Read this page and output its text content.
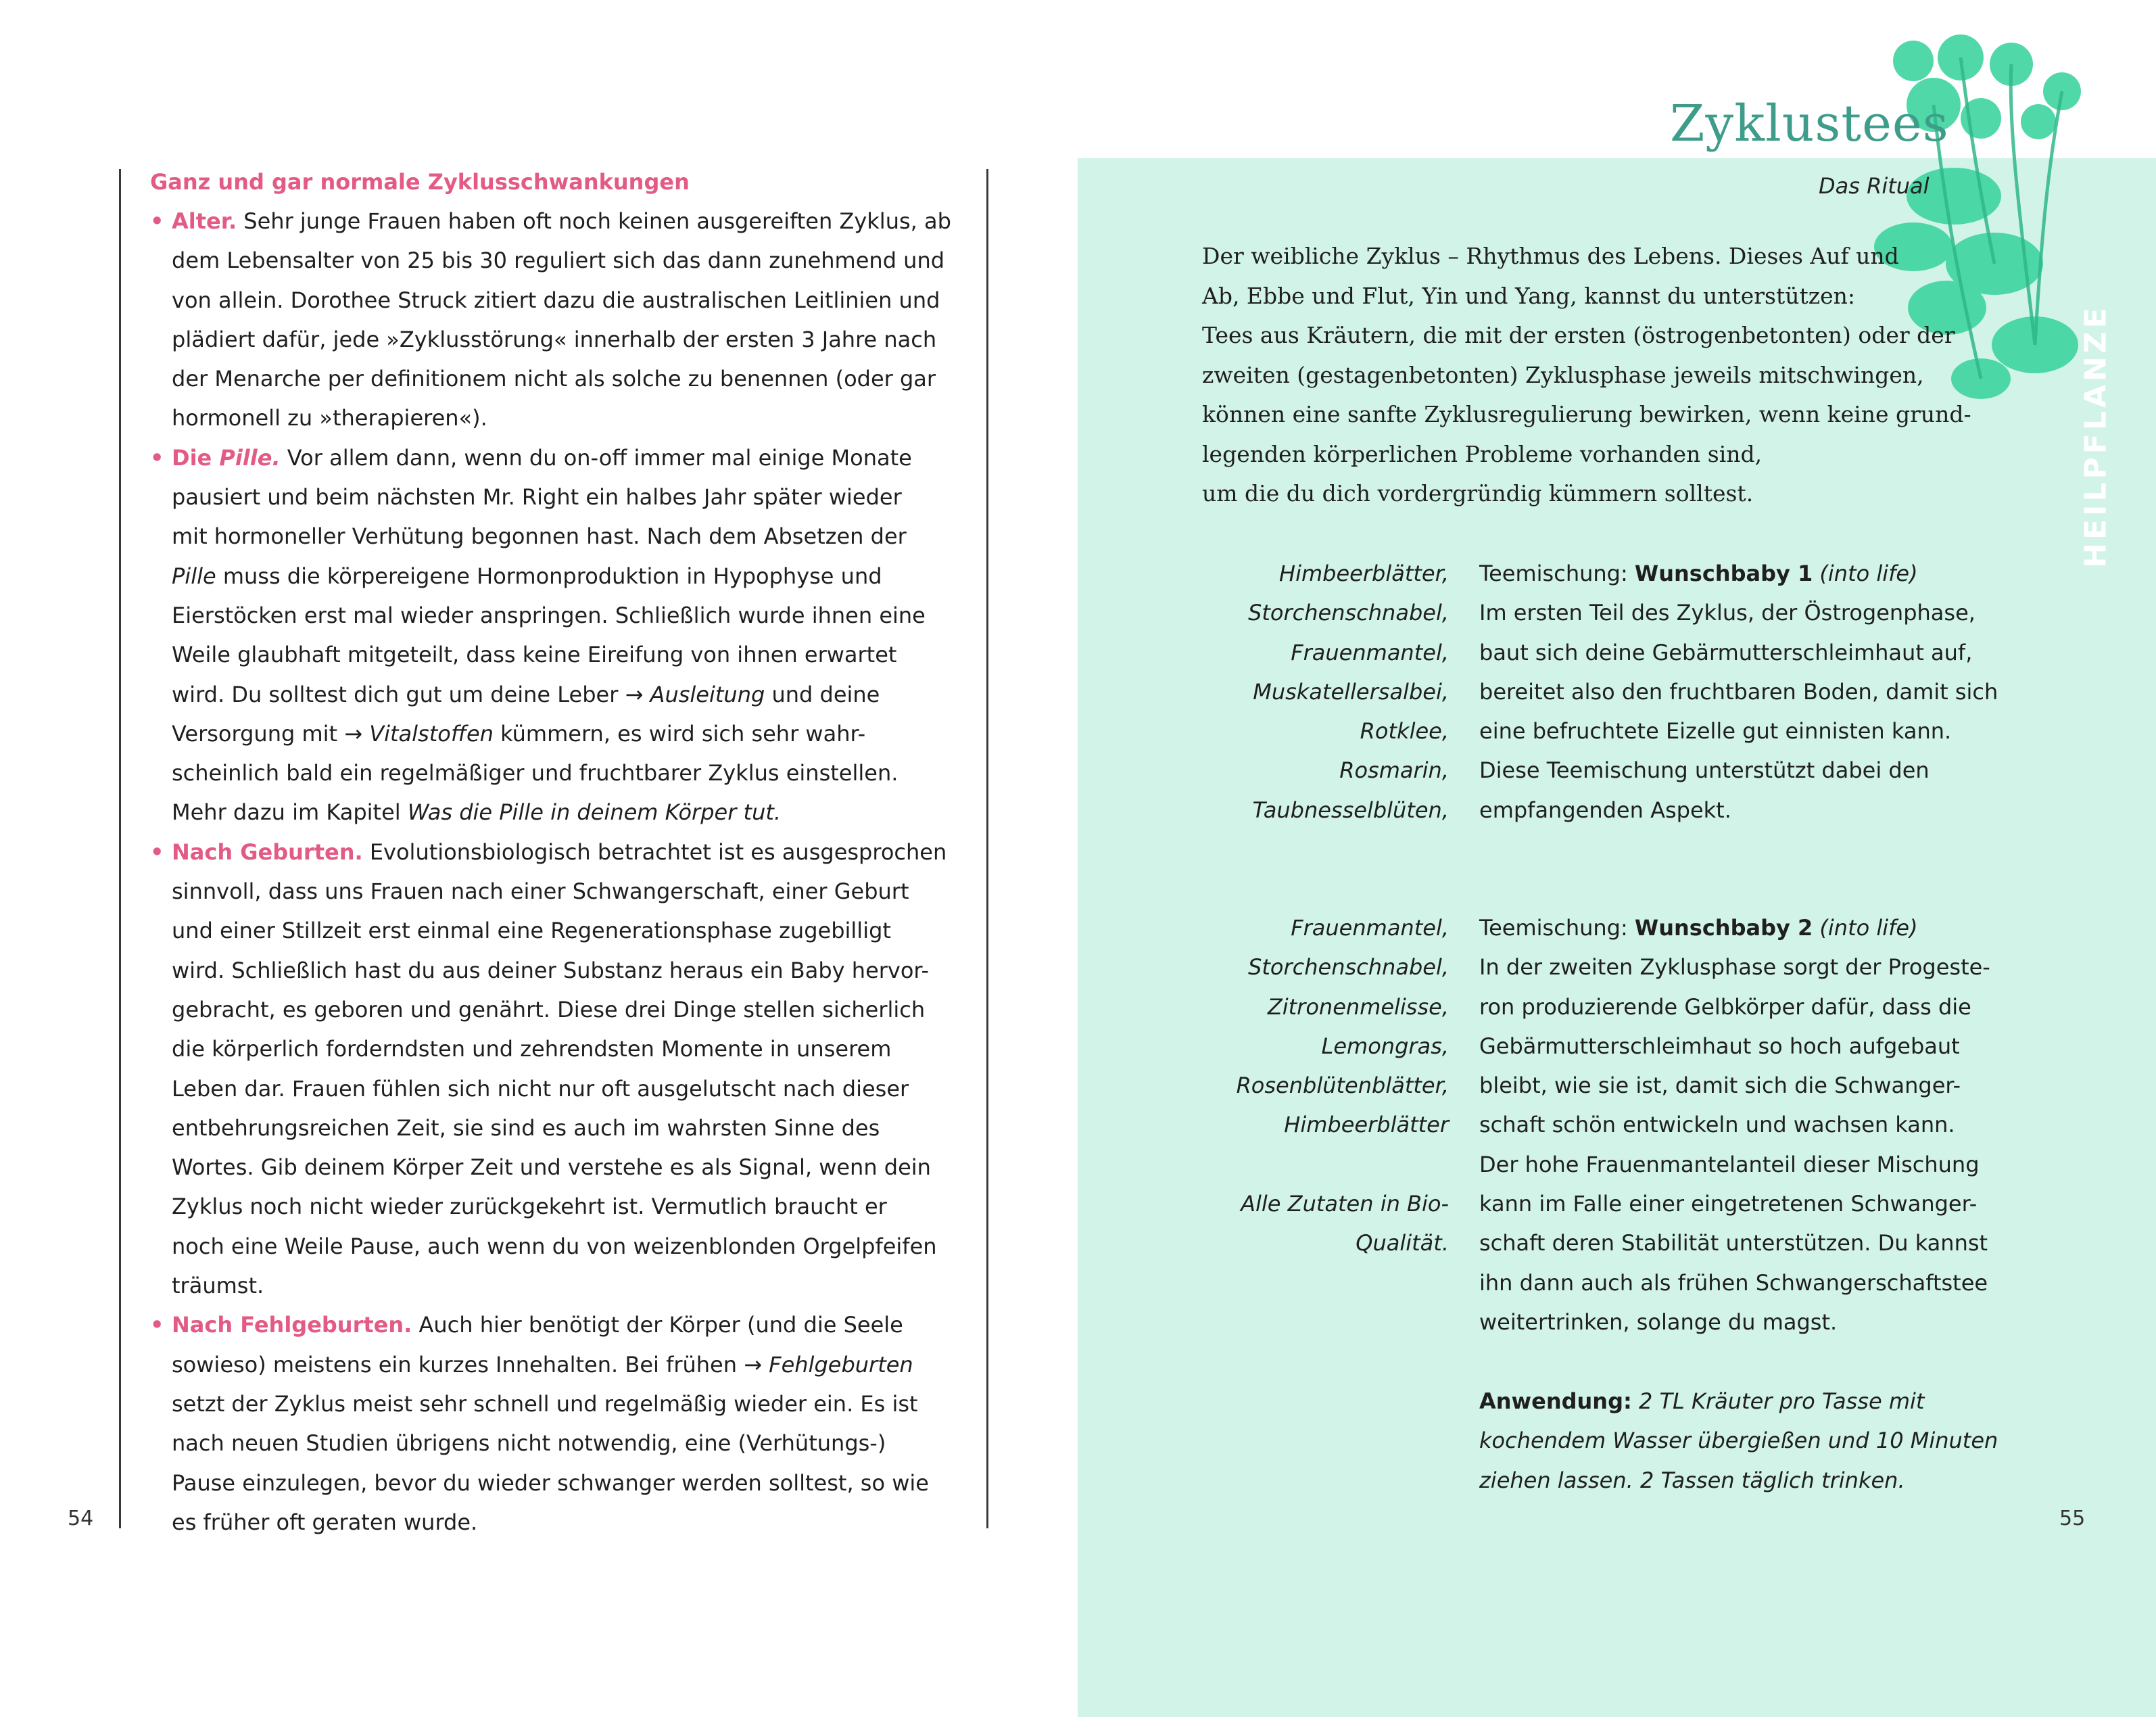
54	55

Ganz und gar normale Zyklusschwankungen

• Alter. Sehr junge Frauen haben oft noch keinen ausgereiften Zyklus, ab
dem Lebensalter von 25 bis 30 reguliert sich das dann zunehmend und
von allein. Dorothee Struck zitiert dazu die australischen Leitlinien und
plädiert dafür, jede »Zyklusstörung« innerhalb der ersten 3 Jahre nach
der Menarche per definitionem nicht als solche zu benennen (oder gar
hormonell zu »therapieren«).
• Die Pille. Vor allem dann, wenn du on-off immer mal einige Monate
pausiert und beim nächsten Mr. Right ein halbes Jahr später wieder
mit hormoneller Verhütung begonnen hast. Nach dem Absetzen der
Pille muss die körpereigene Hormonproduktion in Hypophyse und
Eierstöcken erst mal wieder anspringen. Schließlich wurde ihnen eine
Weile glaubhaft mitgeteilt, dass keine Eireifung von ihnen erwartet
wird. Du solltest dich gut um deine Leber → Ausleitung und deine
Versorgung mit → Vitalstoffen kümmern, es wird sich sehr wahr-
scheinlich bald ein regelmäßiger und fruchtbarer Zyklus einstellen.
Mehr dazu im Kapitel Was die Pille in deinem Körper tut.
• Nach Geburten. Evolutionsbiologisch betrachtet ist es ausgesprochen
sinnvoll, dass uns Frauen nach einer Schwangerschaft, einer Geburt
und einer Stillzeit erst einmal eine Regenerationsphase zugebilligt
wird. Schließlich hast du aus deiner Substanz heraus ein Baby hervor-
gebracht, es geboren und genährt. Diese drei Dinge stellen sicherlich
die körperlich forderndsten und zehrendsten Momente in unserem
Leben dar. Frauen fühlen sich nicht nur oft ausgelutscht nach dieser
entbehrungsreichen Zeit, sie sind es auch im wahrsten Sinne des
Wortes. Gib deinem Körper Zeit und verstehe es als Signal, wenn dein
Zyklus noch nicht wieder zurückgekehrt ist. Vermutlich braucht er
noch eine Weile Pause, auch wenn du von weizenblonden Orgelpfeifen
träumst.
• Nach Fehlgeburten. Auch hier benötigt der Körper (und die Seele
sowieso) meistens ein kurzes Innehalten. Bei frühen → Fehlgeburten
setzt der Zyklus meist sehr schnell und regelmäßig wieder ein. Es ist
nach neuen Studien übrigens nicht notwendig, eine (Verhütungs-)
Pause einzulegen, bevor du wieder schwanger werden solltest, so wie
es früher oft geraten wurde.
Zyklustees
Das Ritual
HEILPFLANZE

Der weibliche Zyklus – Rhythmus des Lebens. Dieses Auf und
Ab, Ebbe und Flut, Yin und Yang, kannst du unterstützen:
Tees aus Kräutern, die mit der ersten (östrogenbetonten) oder der
zweiten (gestagenbetonten) Zyklusphase jeweils mitschwingen,
können eine sanfte Zyklusregulierung bewirken, wenn keine grund-
legenden körperlichen Probleme vorhanden sind,
um die du dich vordergründig kümmern solltest.

Himbeerblätter,
Storchenschnabel,
Frauenmantel,
Muskatellersalbei,
Rotklee,
Rosmarin,
Taubnesselblüten,
Teemischung: Wunschbaby 1 (into life)
Im ersten Teil des Zyklus, der Östrogenphase,
baut sich deine Gebärmutterschleimhaut auf,
bereitet also den fruchtbaren Boden, damit sich
eine befruchtete Eizelle gut einnisten kann.
Diese Teemischung unterstützt dabei den
empfangenden Aspekt.
Frauenmantel,
Storchenschnabel,
Zitronenmelisse,
Lemongras,
Rosenblütenblätter,
Himbeerblätter

Alle Zutaten in Bio-
Qualität.
Teemischung: Wunschbaby 2 (into life)
In der zweiten Zyklusphase sorgt der Progeste-
ron produzierende Gelbkörper dafür, dass die
Gebärmutterschleimhaut so hoch aufgebaut
bleibt, wie sie ist, damit sich die Schwanger-
schaft schön entwickeln und wachsen kann.
Der hohe Frauenmantelanteil dieser Mischung
kann im Falle einer eingetretenen Schwanger-
schaft deren Stabilität unterstützen. Du kannst
ihn dann auch als frühen Schwangerschaftstee
weitertrinken, solange du magst.
Anwendung: 2 TL Kräuter pro Tasse mit
kochendem Wasser übergießen und 10 Minuten
ziehen lassen. 2 Tassen täglich trinken.
